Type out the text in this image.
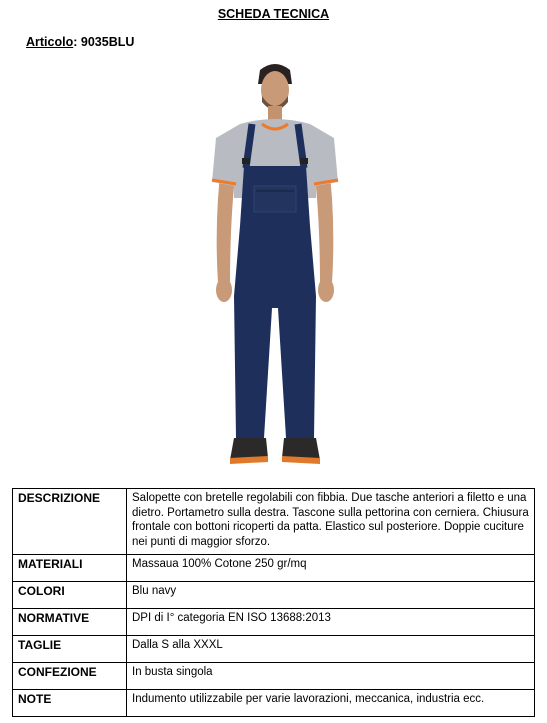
SCHEDA TECNICA
Articolo: 9035BLU
DESCRIZIONE	Salopette con bretelle regolabili con fibbia. Due tasche anteriori a filetto e una dietro. Portametro sulla destra. Tascone sulla pettorina con cerniera. Chiusura frontale con bottoni ricoperti da patta. Elastico sul posteriore. Doppie cuciture nei punti di maggior sforzo.
MATERIALI	Massaua 100% Cotone 250 gr/mq
COLORI	Blu navy
NORMATIVE	DPI di I° categoria EN ISO 13688:2013
TAGLIE	Dalla S alla XXXL
CONFEZIONE	In busta singola
NOTE	Indumento utilizzabile per varie lavorazioni, meccanica, industria ecc.
